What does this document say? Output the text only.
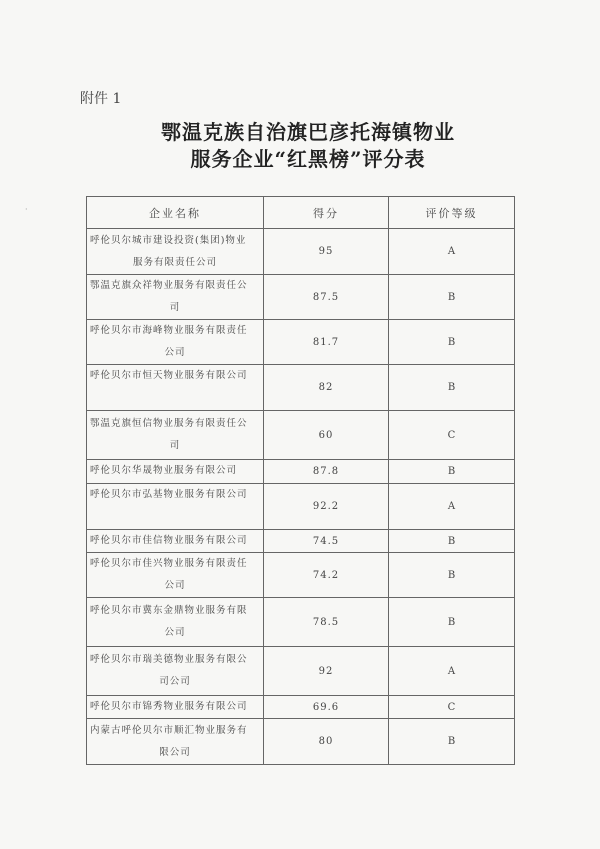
附件 1
鄂温克族自治旗巴彦托海镇物业
服务企业“红黑榜”评分表
·	企业名称	得分	评价等级
呼伦贝尔城市建设投资(集团)物业
服务有限责任公司	95	A
鄂温克旗众祥物业服务有限责任公
司	87.5	B
呼伦贝尔市海峰物业服务有限责任
公司	81.7	B
呼伦贝尔市恒天物业服务有限公司	82	B
鄂温克旗恒信物业服务有限责任公
司	60	C
呼伦贝尔华晟物业服务有限公司	87.8	B
呼伦贝尔市弘基物业服务有限公司	92.2	A
呼伦贝尔市佳信物业服务有限公司	74.5	B
呼伦贝尔市佳兴物业服务有限责任
公司	74.2	B
呼伦贝尔市冀东金鼎物业服务有限
公司	78.5	B
呼伦贝尔市瑞美德物业服务有限公
司公司	92	A
呼伦贝尔市锦秀物业服务有限公司	69.6	C
内蒙古呼伦贝尔市顺汇物业服务有
限公司	80	B
